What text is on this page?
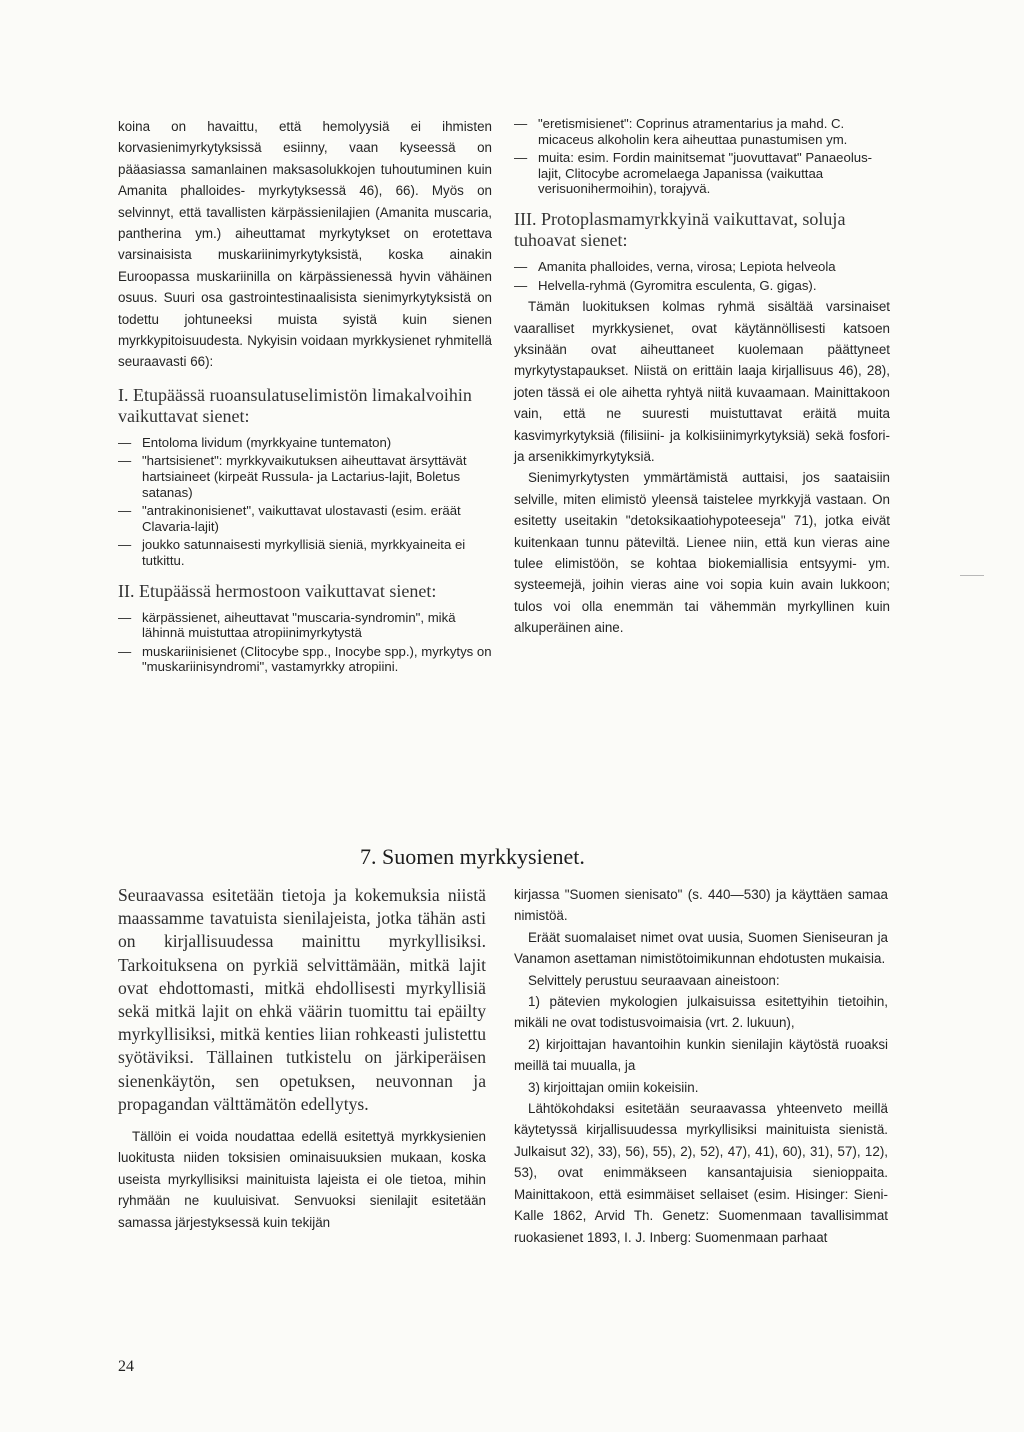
koina on havaittu, että hemolyysiä ei ihmisten korvasienimyrkytyksissä esiinny, vaan kyseessä on pääasiassa samanlainen maksasolukkojen tuhoutuminen kuin Amanita phalloides- myrkytyksessä 46), 66). Myös on selvinnyt, että tavallisten kärpässienilajien (Amanita muscaria, pantherina ym.) aiheuttamat myrkytykset on erotettava varsinaisista muskariinimyrkytyksistä, koska ainakin Euroopassa muskariinilla on kärpässienessä hyvin vähäinen osuus. Suuri osa gastrointestinaalisista sienimyrkytyksistä on todettu johtuneeksi muista syistä kuin sienen myrkkypitoisuudesta. Nykyisin voidaan myrkkysienet ryhmitellä seuraavasti 66):

I. Etupäässä ruoansulatuselimistön limakalvoihin vaikuttavat sienet:
— Entoloma lividum (myrkkyaine tuntematon)
— "hartsisienet": myrkkyvaikutuksen aiheuttavat ärsyttävät hartsiaineet (kirpeät Russula- ja Lactarius-lajit, Boletus satanas)
— "antrakinonisienet", vaikuttavat ulostavasti (esim. eräät Clavaria-lajit)
— joukko satunnaisesti myrkyllisiä sieniä, myrkkyaineita ei tutkittu.
II. Etupäässä hermostoon vaikuttavat sienet:
— kärpässienet, aiheuttavat "muscaria-syndromin", mikä lähinnä muistuttaa atropiinimyrkytystä
— muskariinisienet (Clitocybe spp., Inocybe spp.), myrkytys on "muskariinisyndromi", vastamyrkky atropiini.
— "eretismisienet": Coprinus atramentarius ja mahd. C. micaceus alkoholin kera aiheuttaa punastumisen ym.
— muita: esim. Fordin mainitsemat "juovuttavat" Panaeolus-lajit, Clitocybe acromelaega Japanissa (vaikuttaa verisuonihermoihin), torajyvä.
III. Protoplasmamyrkkyinä vaikuttavat, soluja tuhoavat sienet:
— Amanita phalloides, verna, virosa; Lepiota helveola
— Helvella-ryhmä (Gyromitra esculenta, G. gigas).

Tämän luokituksen kolmas ryhmä sisältää varsinaiset vaaralliset myrkkysienet, ovat käytännöllisesti katsoen yksinään ovat aiheuttaneet kuolemaan päättyneet myrkytystapaukset. Niistä on erittäin laaja kirjallisuus 46), 28), joten tässä ei ole aihetta ryhtyä niitä kuvaamaan. Mainittakoon vain, että ne suuresti muistuttavat eräitä muita kasvimyrkytyksiä (filisiini- ja kolkisiinimyrkytyksiä) sekä fosfori- ja arsenikkimyrkytyksiä.

Sienimyrkytysten ymmärtämistä auttaisi, jos saataisiin selville, miten elimistö yleensä taistelee myrkkyjä vastaan. On esitetty useitakin "detoksikaatiohypoteeseja" 71), jotka eivät kuitenkaan tunnu päteviltä. Lienee niin, että kun vieras aine tulee elimistöön, se kohtaa biokemiallisia entsyymi- ym. systeemejä, joihin vieras aine voi sopia kuin avain lukkoon; tulos voi olla enemmän tai vähemmän myrkyllinen kuin alkuperäinen aine.

7. Suomen myrkkysienet.

Seuraavassa esitetään tietoja ja kokemuksia niistä maassamme tavatuista sienilajeista, jotka tähän asti on kirjallisuudessa mainittu myrkyllisiksi. Tarkoituksena on pyrkiä selvittämään, mitkä lajit ovat ehdottomasti, mitkä ehdollisesti myrkyllisiä sekä mitkä lajit on ehkä väärin tuomittu tai epäilty myrkyllisiksi, mitkä kenties liian rohkeasti julistettu syötäviksi. Tällainen tutkistelu on järkiperäisen sienenkäytön, sen opetuksen, neuvonnan ja propagandan välttämätön edellytys.

Tällöin ei voida noudattaa edellä esitettyä myrkkysienien luokitusta niiden toksisien ominaisuuksien mukaan, koska useista myrkyllisiksi mainituista lajeista ei ole tietoa, mihin ryhmään ne kuuluisivat. Senvuoksi sienilajit esitetään samassa järjestyksessä kuin tekijän

kirjassa "Suomen sienisato" (s. 440—530) ja käyttäen samaa nimistöä.

Eräät suomalaiset nimet ovat uusia, Suomen Sieniseuran ja Vanamon asettaman nimistötoimikunnan ehdotusten mukaisia.

Selvittely perustuu seuraavaan aineistoon:

1) pätevien mykologien julkaisuissa esitettyihin tietoihin, mikäli ne ovat todistusvoimaisia (vrt. 2. lukuun),

2) kirjoittajan havantoihin kunkin sienilajin käytöstä ruoaksi meillä tai muualla, ja

3) kirjoittajan omiin kokeisiin.

Lähtökohdaksi esitetään seuraavassa yhteenveto meillä käytetyssä kirjallisuudessa myrkyllisiksi mainituista sienistä. Julkaisut 32), 33), 56), 55), 2), 52), 47), 41), 60), 31), 57), 12), 53), ovat enimmäkseen kansantajuisia sienioppaita. Mainittakoon, että esimmäiset sellaiset (esim. Hisinger: Sieni-Kalle 1862, Arvid Th. Genetz: Suomenmaan tavallisimmat ruokasienet 1893, I. J. Inberg: Suomenmaan parhaat

24
